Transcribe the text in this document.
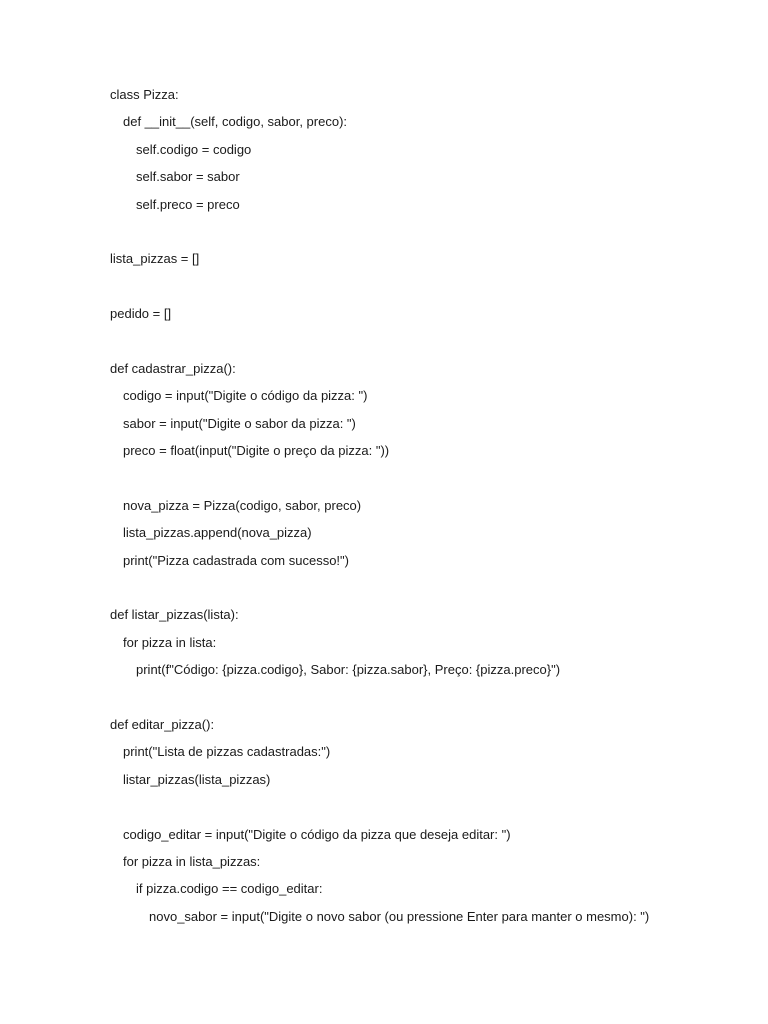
class Pizza:
def __init__(self, codigo, sabor, preco):
self.codigo = codigo
self.sabor = sabor
self.preco = preco
lista_pizzas = []
pedido = []
def cadastrar_pizza():
codigo = input("Digite o código da pizza: ")
sabor = input("Digite o sabor da pizza: ")
preco = float(input("Digite o preço da pizza: "))
nova_pizza = Pizza(codigo, sabor, preco)
lista_pizzas.append(nova_pizza)
print("Pizza cadastrada com sucesso!")
def listar_pizzas(lista):
for pizza in lista:
print(f"Código: {pizza.codigo}, Sabor: {pizza.sabor}, Preço: {pizza.preco}")
def editar_pizza():
print("Lista de pizzas cadastradas:")
listar_pizzas(lista_pizzas)
codigo_editar = input("Digite o código da pizza que deseja editar: ")
for pizza in lista_pizzas:
if pizza.codigo == codigo_editar:
novo_sabor = input("Digite o novo sabor (ou pressione Enter para manter o mesmo): ")
